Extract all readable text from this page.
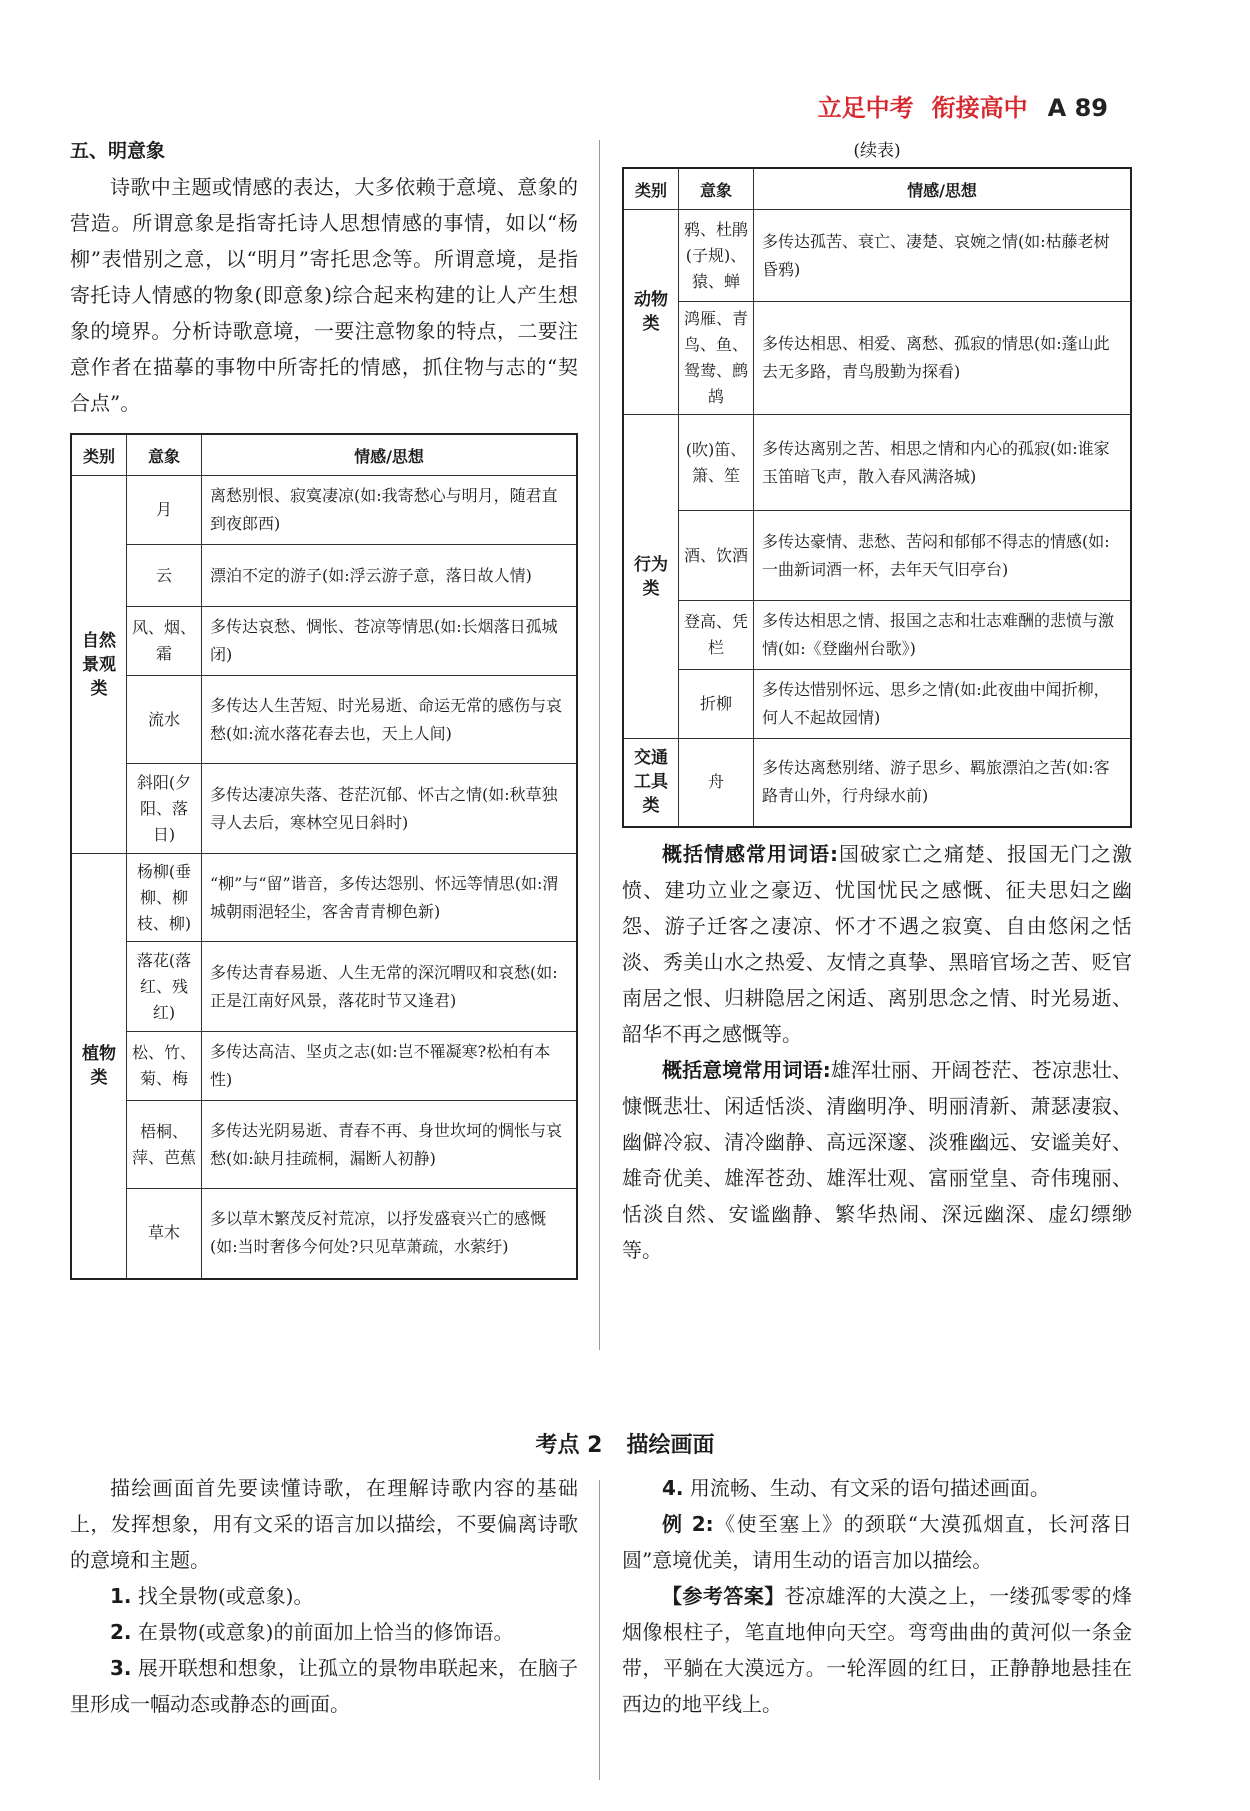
立足中考 衔接高中 A 89
五、明意象

诗歌中主题或情感的表达，大多依赖于意境、意象的营造。所谓意象是指寄托诗人思想情感的事情，如以“杨柳”表惜别之意，以“明月”寄托思念等。所谓意境，是指寄托诗人情感的物象(即意象)综合起来构建的让人产生想象的境界。分析诗歌意境，一要注意物象的特点，二要注意作者在描摹的事物中所寄托的情感，抓住物与志的“契合点”。

类别	意象	情感/思想
自然景观类	月	离愁别恨、寂寞凄凉(如:我寄愁心与明月，随君直到夜郎西)
	云	漂泊不定的游子(如:浮云游子意，落日故人情)
	风、烟、霜	多传达哀愁、惆怅、苍凉等情思(如:长烟落日孤城闭)
	流水	多传达人生苦短、时光易逝、命运无常的感伤与哀愁(如:流水落花春去也，天上人间)
	斜阳(夕阳、落日)	多传达凄凉失落、苍茫沉郁、怀古之情(如:秋草独寻人去后，寒林空见日斜时)
植物类	杨柳(垂柳、柳枝、柳)	“柳”与“留”谐音，多传达怨别、怀远等情思(如:渭城朝雨浥轻尘，客舍青青柳色新)
	落花(落红、残红)	多传达青春易逝、人生无常的深沉喟叹和哀愁(如:正是江南好风景，落花时节又逢君)
	松、竹、菊、梅	多传达高洁、坚贞之志(如:岂不罹凝寒?松柏有本性)
	梧桐、萍、芭蕉	多传达光阴易逝、青春不再、身世坎坷的惆怅与哀愁(如:缺月挂疏桐，漏断人初静)
	草木	多以草木繁茂反衬荒凉，以抒发盛衰兴亡的感慨(如:当时奢侈今何处?只见草萧疏，水萦纡)
(续表)
类别	意象	情感/思想
动物类	鸦、杜鹃(子规)、猿、蝉	多传达孤苦、衰亡、凄楚、哀婉之情(如:枯藤老树昏鸦)
	鸿雁、青鸟、鱼、鸳鸯、鹧鸪	多传达相思、相爱、离愁、孤寂的情思(如:蓬山此去无多路，青鸟殷勤为探看)
行为类	(吹)笛、箫、笙	多传达离别之苦、相思之情和内心的孤寂(如:谁家玉笛暗飞声，散入春风满洛城)
	酒、饮酒	多传达豪情、悲愁、苦闷和郁郁不得志的情感(如:一曲新词酒一杯，去年天气旧亭台)
	登高、凭栏	多传达相思之情、报国之志和壮志难酬的悲愤与激情(如:《登幽州台歌》)
	折柳	多传达惜别怀远、思乡之情(如:此夜曲中闻折柳，何人不起故园情)
交通工具类	舟	多传达离愁别绪、游子思乡、羁旅漂泊之苦(如:客路青山外，行舟绿水前)

概括情感常用词语:国破家亡之痛楚、报国无门之激愤、建功立业之豪迈、忧国忧民之感慨、征夫思妇之幽怨、游子迁客之凄凉、怀才不遇之寂寞、自由悠闲之恬淡、秀美山水之热爱、友情之真挚、黑暗官场之苦、贬官南居之恨、归耕隐居之闲适、离别思念之情、时光易逝、韶华不再之感慨等。

概括意境常用词语:雄浑壮丽、开阔苍茫、苍凉悲壮、慷慨悲壮、闲适恬淡、清幽明净、明丽清新、萧瑟凄寂、幽僻冷寂、清冷幽静、高远深邃、淡雅幽远、安谧美好、雄奇优美、雄浑苍劲、雄浑壮观、富丽堂皇、奇伟瑰丽、恬淡自然、安谧幽静、繁华热闹、深远幽深、虚幻缥缈等。

考点 2 描绘画面

描绘画面首先要读懂诗歌，在理解诗歌内容的基础上，发挥想象，用有文采的语言加以描绘，不要偏离诗歌的意境和主题。

1. 找全景物(或意象)。

2. 在景物(或意象)的前面加上恰当的修饰语。

3. 展开联想和想象，让孤立的景物串联起来，在脑子里形成一幅动态或静态的画面。

4. 用流畅、生动、有文采的语句描述画面。

例 2:《使至塞上》的颈联“大漠孤烟直，长河落日圆”意境优美，请用生动的语言加以描绘。

【参考答案】苍凉雄浑的大漠之上，一缕孤零零的烽烟像根柱子，笔直地伸向天空。弯弯曲曲的黄河似一条金带，平躺在大漠远方。一轮浑圆的红日，正静静地悬挂在西边的地平线上。
